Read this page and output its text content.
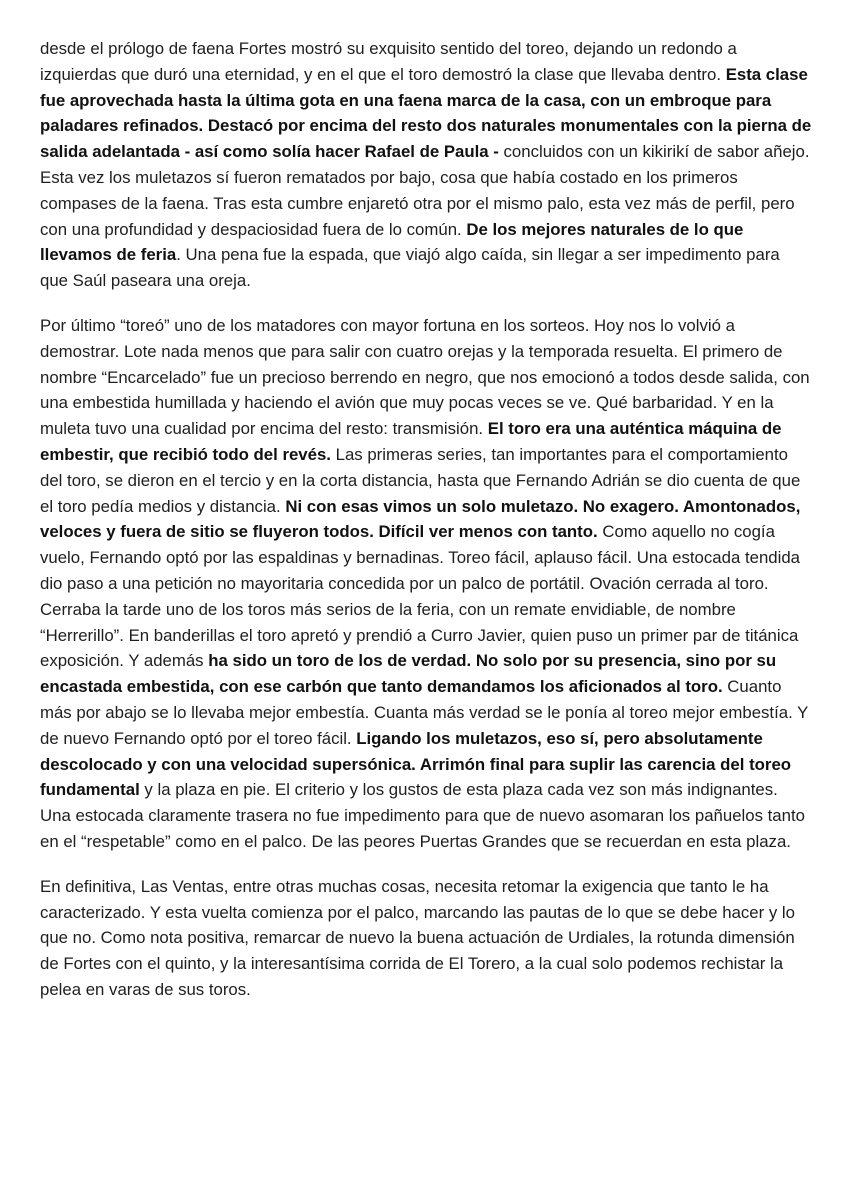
desde el prólogo de faena Fortes mostró su exquisito sentido del toreo, dejando un redondo a izquierdas que duró una eternidad, y en el que el toro demostró la clase que llevaba dentro. Esta clase fue aprovechada hasta la última gota en una faena marca de la casa, con un embroque para paladares refinados. Destacó por encima del resto dos naturales monumentales con la pierna de salida adelantada - así como solía hacer Rafael de Paula - concluidos con un kikirikí de sabor añejo. Esta vez los muletazos sí fueron rematados por bajo, cosa que había costado en los primeros compases de la faena. Tras esta cumbre enjaretó otra por el mismo palo, esta vez más de perfil, pero con una profundidad y despaciosidad fuera de lo común. De los mejores naturales de lo que llevamos de feria. Una pena fue la espada, que viajó algo caída, sin llegar a ser impedimento para que Saúl paseara una oreja.

Por último “toreó” uno de los matadores con mayor fortuna en los sorteos. Hoy nos lo volvió a demostrar. Lote nada menos que para salir con cuatro orejas y la temporada resuelta. El primero de nombre “Encarcelado” fue un precioso berrendo en negro, que nos emocionó a todos desde salida, con una embestida humillada y haciendo el avión que muy pocas veces se ve. Qué barbaridad. Y en la muleta tuvo una cualidad por encima del resto: transmisión. El toro era una auténtica máquina de embestir, que recibió todo del revés. Las primeras series, tan importantes para el comportamiento del toro, se dieron en el tercio y en la corta distancia, hasta que Fernando Adrián se dio cuenta de que el toro pedía medios y distancia. Ni con esas vimos un solo muletazo. No exagero. Amontonados, veloces y fuera de sitio se fluyeron todos. Difícil ver menos con tanto. Como aquello no cogía vuelo, Fernando optó por las espaldinas y bernadinas. Toreo fácil, aplauso fácil. Una estocada tendida dio paso a una petición no mayoritaria concedida por un palco de portátil. Ovación cerrada al toro. Cerraba la tarde uno de los toros más serios de la feria, con un remate envidiable, de nombre “Herrerillo”. En banderillas el toro apretó y prendió a Curro Javier, quien puso un primer par de titánica exposición. Y además ha sido un toro de los de verdad. No solo por su presencia, sino por su encastada embestida, con ese carbón que tanto demandamos los aficionados al toro. Cuanto más por abajo se lo llevaba mejor embestía. Cuanta más verdad se le ponía al toreo mejor embestía. Y de nuevo Fernando optó por el toreo fácil. Ligando los muletazos, eso sí, pero absolutamente descolocado y con una velocidad supersónica. Arrimón final para suplir las carencia del toreo fundamental y la plaza en pie. El criterio y los gustos de esta plaza cada vez son más indignantes. Una estocada claramente trasera no fue impedimento para que de nuevo asomaran los pañuelos tanto en el “respetable” como en el palco. De las peores Puertas Grandes que se recuerdan en esta plaza.

En definitiva, Las Ventas, entre otras muchas cosas, necesita retomar la exigencia que tanto le ha caracterizado. Y esta vuelta comienza por el palco, marcando las pautas de lo que se debe hacer y lo que no. Como nota positiva, remarcar de nuevo la buena actuación de Urdiales, la rotunda dimensión de Fortes con el quinto, y la interesantísima corrida de El Torero, a la cual solo podemos rechistar la pelea en varas de sus toros.
